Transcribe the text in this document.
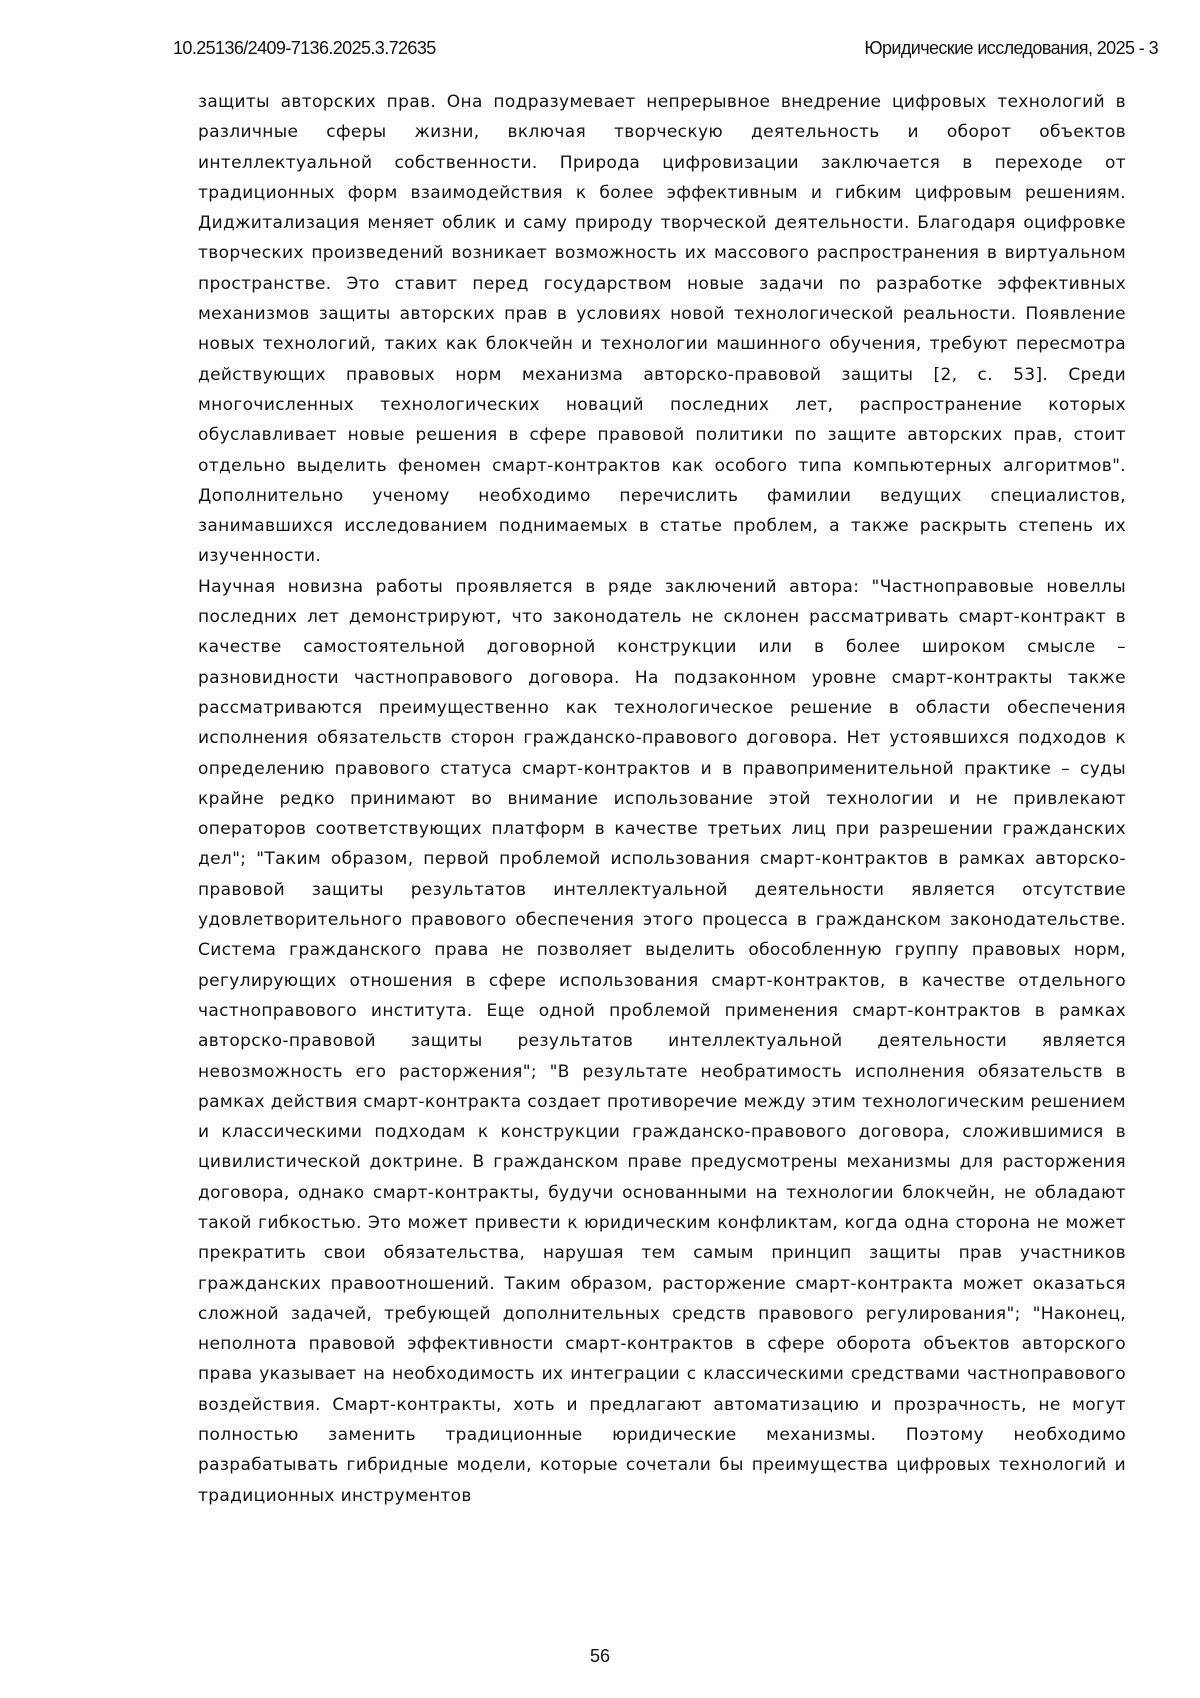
10.25136/2409-7136.2025.3.72635	Юридические исследования, 2025 - 3

защиты авторских прав. Она подразумевает непрерывное внедрение цифровых технологий в различные сферы жизни, включая творческую деятельность и оборот объектов интеллектуальной собственности. Природа цифровизации заключается в переходе от традиционных форм взаимодействия к более эффективным и гибким цифровым решениям. Диджитализация меняет облик и саму природу творческой деятельности. Благодаря оцифровке творческих произведений возникает возможность их массового распространения в виртуальном пространстве. Это ставит перед государством новые задачи по разработке эффективных механизмов защиты авторских прав в условиях новой технологической реальности. Появление новых технологий, таких как блокчейн и технологии машинного обучения, требуют пересмотра действующих правовых норм механизма авторско-правовой защиты [2, с. 53]. Среди многочисленных технологических новаций последних лет, распространение которых обуславливает новые решения в сфере правовой политики по защите авторских прав, стоит отдельно выделить феномен смарт-контрактов как особого типа компьютерных алгоритмов". Дополнительно ученому необходимо перечислить фамилии ведущих специалистов, занимавшихся исследованием поднимаемых в статье проблем, а также раскрыть степень их изученности.

Научная новизна работы проявляется в ряде заключений автора: "Частноправовые новеллы последних лет демонстрируют, что законодатель не склонен рассматривать смарт-контракт в качестве самостоятельной договорной конструкции или в более широком смысле – разновидности частноправового договора. На подзаконном уровне смарт-контракты также рассматриваются преимущественно как технологическое решение в области обеспечения исполнения обязательств сторон гражданско-правового договора. Нет устоявшихся подходов к определению правового статуса смарт-контрактов и в правоприменительной практике – суды крайне редко принимают во внимание использование этой технологии и не привлекают операторов соответствующих платформ в качестве третьих лиц при разрешении гражданских дел"; "Таким образом, первой проблемой использования смарт-контрактов в рамках авторско-правовой защиты результатов интеллектуальной деятельности является отсутствие удовлетворительного правового обеспечения этого процесса в гражданском законодательстве. Система гражданского права не позволяет выделить обособленную группу правовых норм, регулирующих отношения в сфере использования смарт-контрактов, в качестве отдельного частноправового института. Еще одной проблемой применения смарт-контрактов в рамках авторско-правовой защиты результатов интеллектуальной деятельности является невозможность его расторжения"; "В результате необратимость исполнения обязательств в рамках действия смарт-контракта создает противоречие между этим технологическим решением и классическими подходам к конструкции гражданско-правового договора, сложившимися в цивилистической доктрине. В гражданском праве предусмотрены механизмы для расторжения договора, однако смарт-контракты, будучи основанными на технологии блокчейн, не обладают такой гибкостью. Это может привести к юридическим конфликтам, когда одна сторона не может прекратить свои обязательства, нарушая тем самым принцип защиты прав участников гражданских правоотношений. Таким образом, расторжение смарт-контракта может оказаться сложной задачей, требующей дополнительных средств правового регулирования"; "Наконец, неполнота правовой эффективности смарт-контрактов в сфере оборота объектов авторского права указывает на необходимость их интеграции с классическими средствами частноправового воздействия. Смарт-контракты, хоть и предлагают автоматизацию и прозрачность, не могут полностью заменить традиционные юридические механизмы. Поэтому необходимо разрабатывать гибридные модели, которые сочетали бы преимущества цифровых технологий и традиционных инструментов

56
